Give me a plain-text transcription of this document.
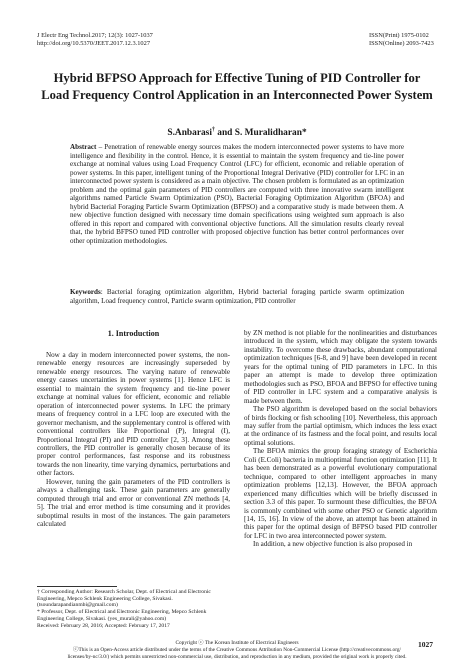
J Electr Eng Technol.2017; 12(3): 1027-1037
http://doi.org/10.5370/JEET.2017.12.3.1027
ISSN(Print) 1975-0102
ISSN(Online) 2093-7423
Hybrid BFPSO Approach for Effective Tuning of PID Controller for
Load Frequency Control Application in an Interconnected Power System
S.Anbarasi† and S. Muralidharan*
Abstract – Penetration of renewable energy sources makes the modern interconnected power systems to have more intelligence and flexibility in the control. Hence, it is essential to maintain the system frequency and tie-line power exchange at nominal values using Load Frequency Control (LFC) for efficient, economic and reliable operation of power systems. In this paper, intelligent tuning of the Proportional Integral Derivative (PID) controller for LFC in an interconnected power system is considered as a main objective. The chosen problem is formulated as an optimization problem and the optimal gain parameters of PID controllers are computed with three innovative swarm intelligent algorithms named Particle Swarm Optimization (PSO), Bacterial Foraging Optimization Algorithm (BFOA) and hybrid Bacterial Foraging Particle Swarm Optimization (BFPSO) and a comparative study is made between them. A new objective function designed with necessary time domain specifications using weighted sum approach is also offered in this report and compared with conventional objective functions. All the simulation results clearly reveal that, the hybrid BFPSO tuned PID controller with proposed objective function has better control performances over other optimization methodologies.
Keywords: Bacterial foraging optimization algorithm, Hybrid bacterial foraging particle swarm optimization algorithm, Load frequency control, Particle swarm optimization, PID controller
1. Introduction

Now a day in modern interconnected power systems, the non-renewable energy resources are increasingly superseded by renewable energy resources. The varying nature of renewable energy causes uncertainties in power systems [1]. Hence LFC is essential to maintain the system frequency and tie-line power exchange at nominal values for efficient, economic and reliable operation of interconnected power systems. In LFC the primary means of frequency control in a LFC loop are executed with the governor mechanism, and the supplementary control is offered with conventional controllers like Proportional (P), Integral (I), Proportional Integral (PI) and PID controller [2, 3]. Among these controllers, the PID controller is generally chosen because of its proper control performances, fast response and its robustness towards the non linearity, time varying dynamics, perturbations and other factors.

However, tuning the gain parameters of the PID controllers is always a challenging task. These gain parameters are generally computed through trial and error or conventional ZN methods [4, 5]. The trial and error method is time consuming and it provides suboptimal results in most of the instances. The gain parameters calculated

† Corresponding Author: Research Scholar, Dept. of Electrical and Electronic Engineering, Mepco Schlenk Engineering College, Sivakasi. (tsoundarapandianmbi@gmail.com)
* Professor, Dept. of Electrical and Electronic Engineering, Mepco Schlenk Engineering College, Sivakasi. (yes_murali@yahoo.com)
Received: February 28, 2016; Accepted: February 17, 2017

by ZN method is not pliable for the nonlinearities and disturbances introduced in the system, which may obligate the system towards instability. To overcome these drawbacks, abundant computational optimization techniques [6-8, and 9] have been developed in recent years for the optimal tuning of PID parameters in LFC. In this paper an attempt is made to develop three optimization methodologies such as PSO, BFOA and BFPSO for effective tuning of PID controller in LFC system and a comparative analysis is made between them.

The PSO algorithm is developed based on the social behaviors of birds flocking or fish schooling [10]. Nevertheless, this approach may suffer from the partial optimism, which induces the less exact at the ordinance of its fastness and the focal point, and results local optimal solutions.

The BFOA mimics the group foraging strategy of Escherichia Coli (E.Coli) bacteria in multioptimal function optimization [11]. It has been demonstrated as a powerful evolutionary computational technique, compared to other intelligent approaches in many optimization problems [12,13]. However, the BFOA approach experienced many difficulties which will be briefly discussed in section 3.3 of this paper. To surmount these difficulties, the BFOA is commonly combined with some other PSO or Genetic algorithm [14, 15, 16]. In view of the above, an attempt has been attained in this paper for the optimal design of BFPSO based PID controller for LFC in two area interconnected power system.

In addition, a new objective function is also proposed in

1027
Copyright ⓒ The Korean Institute of Electrical Engineers
ⓒThis is an Open-Access article distributed under the terms of the Creative Commons Attribution Non-Commercial License (http://creativecommons.org/
licenses/by-nc/3.0/) which permits unrestricted non-commercial use, distribution, and reproduction in any medium, provided the original work is properly cited.
